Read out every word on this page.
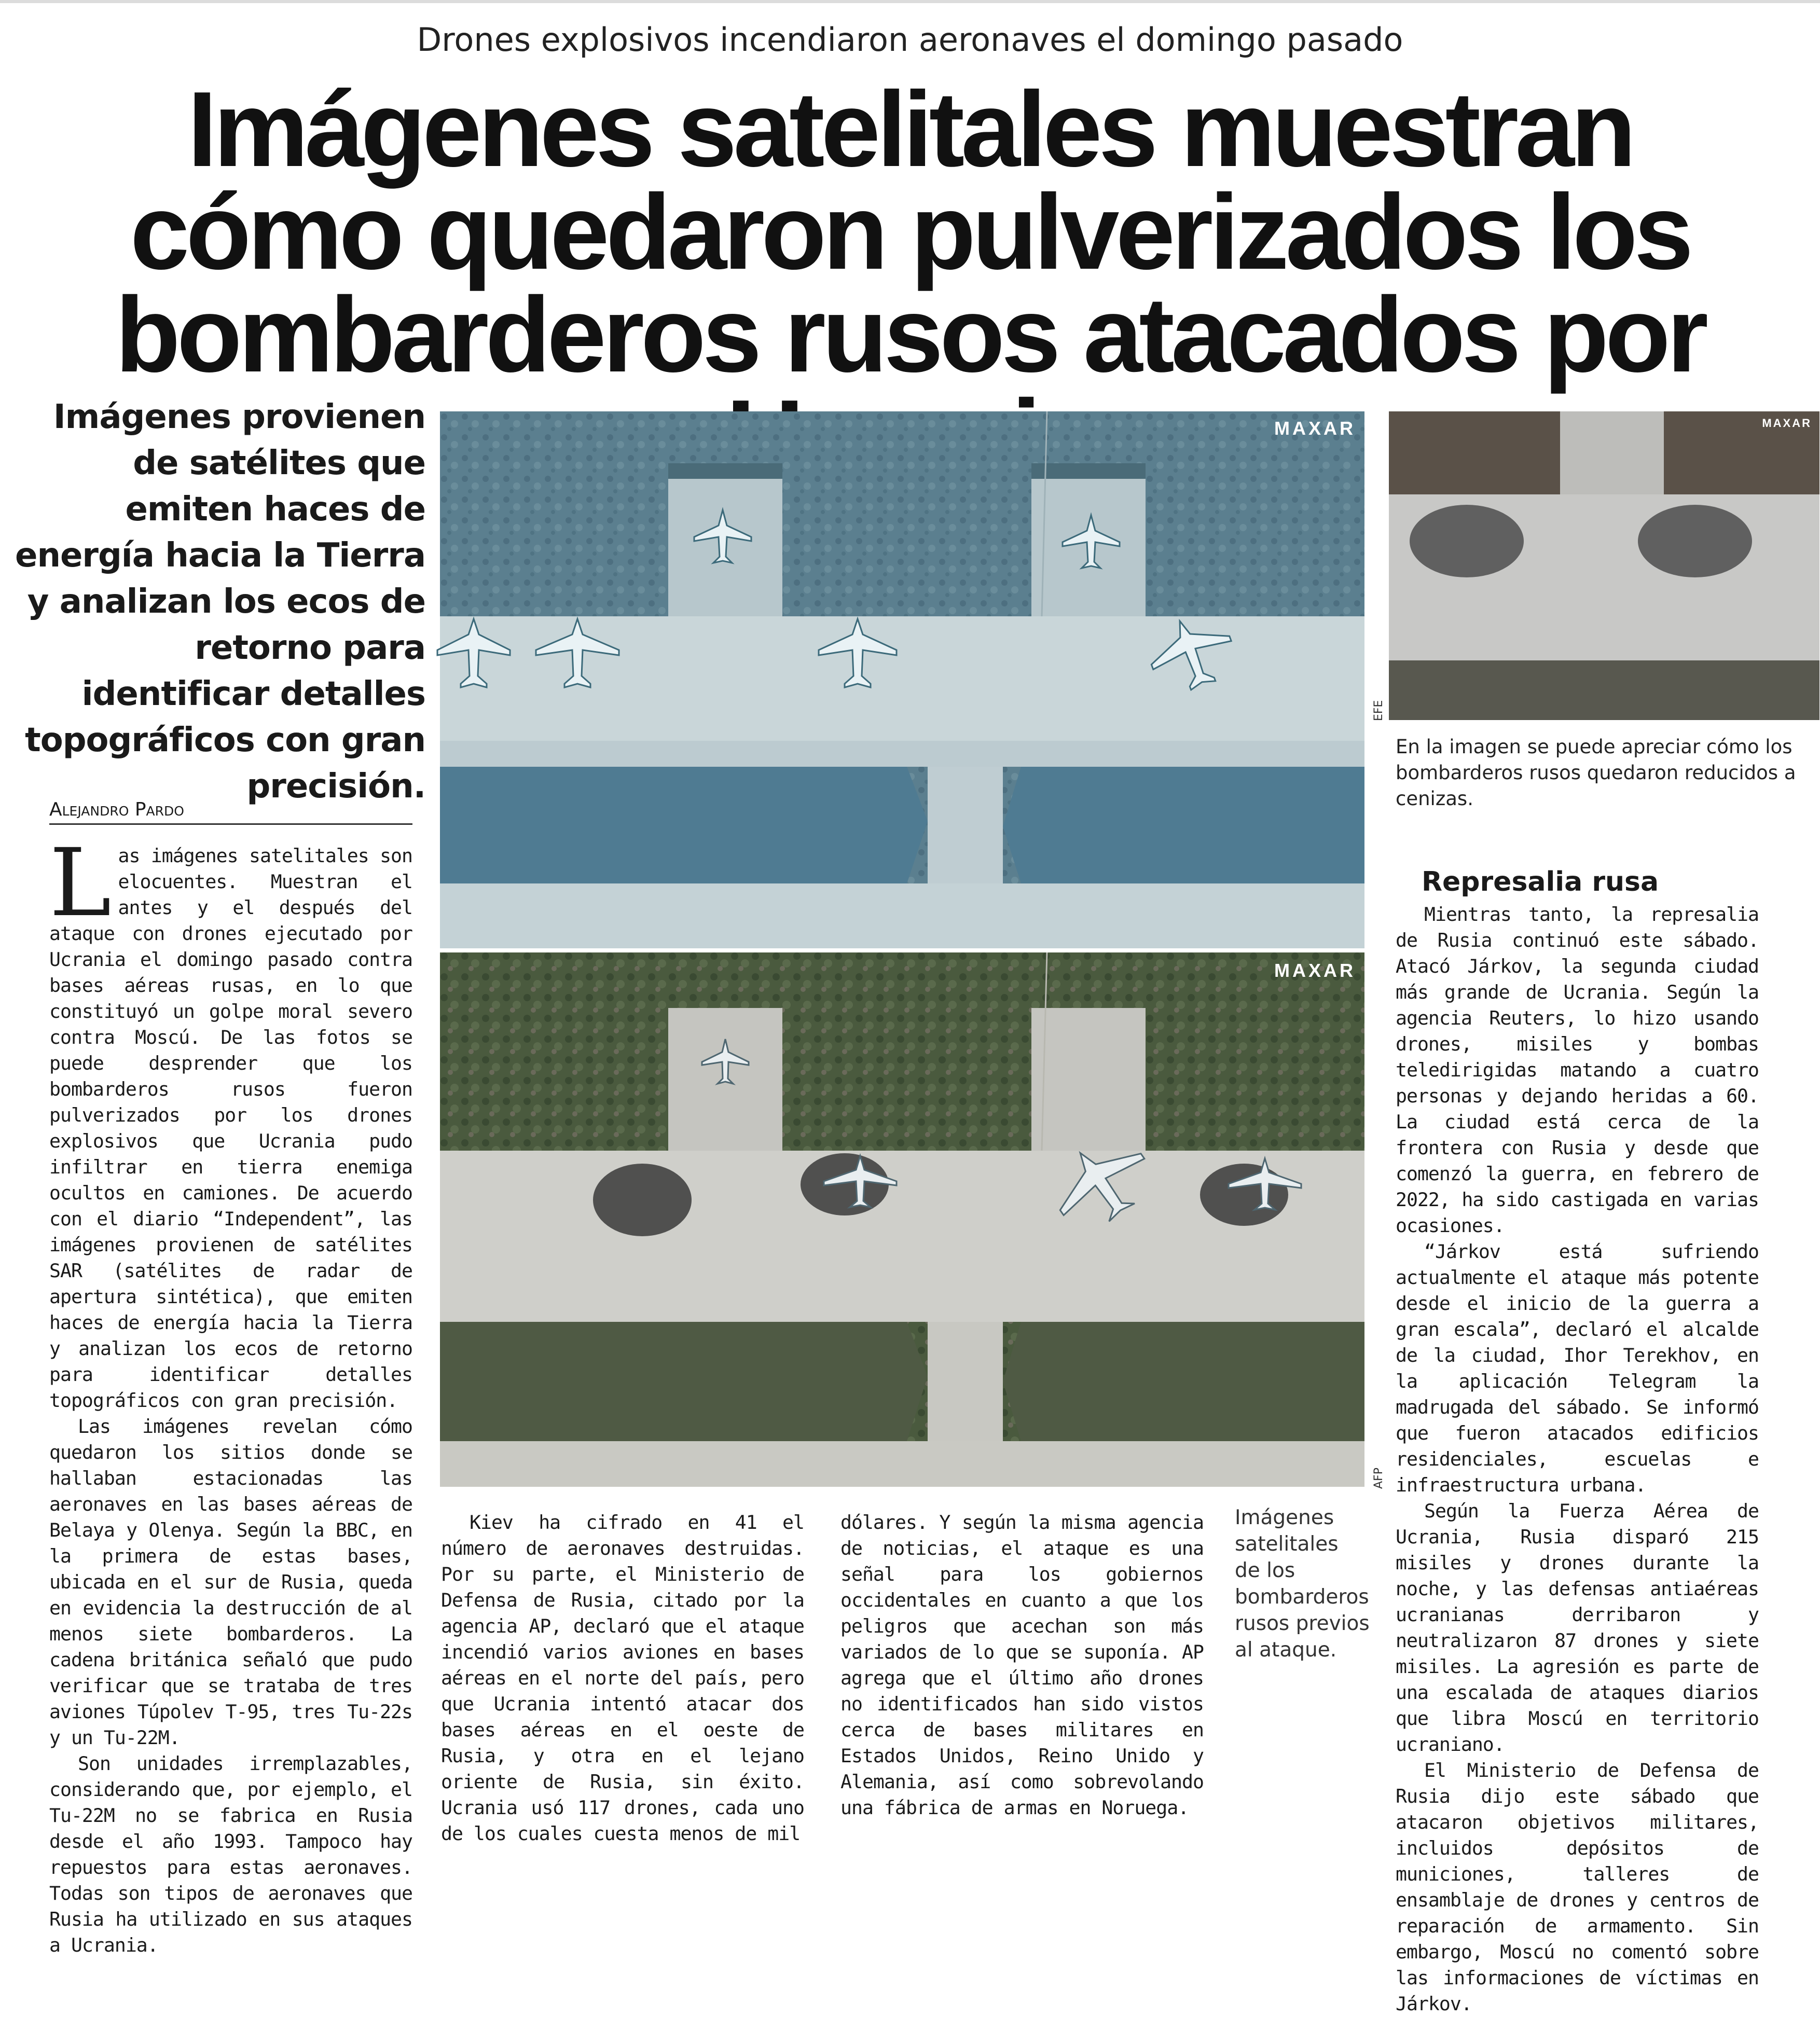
Drones explosivos incendiaron aeronaves el domingo pasado
Imágenes satelitales muestran cómo quedaron pulverizados los bombarderos rusos atacados por
Imágenes provienen de satélites que emiten haces de energía hacia la Tierra y analizan los ecos de retorno para identificar detalles topográficos con gran precisión.
Alejandro Pardo
MAXAR
MAXAR
AFP
MAXAR
EFE
En la imagen se puede apreciar cómo los bombarderos rusos quedaron reducidos a cenizas.
Imágenes satelitales de los bombarderos rusos previos al ataque.

Las imágenes satelitales son elocuentes. Muestran el antes y el después del ataque con drones ejecutado por Ucrania el domingo pasado contra bases aéreas rusas, en lo que constituyó un golpe moral severo contra Moscú. De las fotos se puede desprender que los bombarderos rusos fueron pulverizados por los drones explosivos que Ucrania pudo infiltrar en tierra enemiga ocultos en camiones. De acuerdo con el diario “Independent”, las imágenes provienen de satélites SAR (satélites de radar de apertura sintética), que emiten haces de energía hacia la Tierra y analizan los ecos de retorno para identificar detalles topográficos con gran precisión.

Las imágenes revelan cómo quedaron los sitios donde se hallaban estacionadas las aeronaves en las bases aéreas de Belaya y Olenya. Según la BBC, en la primera de estas bases, ubicada en el sur de Rusia, queda en evidencia la destrucción de al menos siete bombarderos. La cadena británica señaló que pudo verificar que se trataba de tres aviones Túpolev T-95, tres Tu-22s y un Tu-22M.

Son unidades irremplazables, considerando que, por ejemplo, el Tu-22M no se fabrica en Rusia desde el año 1993. Tampoco hay repuestos para estas aeronaves. Todas son tipos de aeronaves que Rusia ha utilizado en sus ataques a Ucrania.

Kiev ha cifrado en 41 el número de aeronaves destruidas. Por su parte, el Ministerio de Defensa de Rusia, citado por la agencia AP, declaró que el ataque incendió varios aviones en bases aéreas en el norte del país, pero que Ucrania intentó atacar dos bases aéreas en el oeste de Rusia, y otra en el lejano oriente de Rusia, sin éxito. Ucrania usó 117 drones, cada uno de los cuales cuesta menos de mil

dólares. Y según la misma agencia de noticias, el ataque es una señal para los gobiernos occidentales en cuanto a que los peligros que acechan son más variados de lo que se suponía. AP agrega que el último año drones no identificados han sido vistos cerca de bases militares en Estados Unidos, Reino Unido y Alemania, así como sobrevolando una fábrica de armas en Noruega.

Represalia rusa

Mientras tanto, la represalia de Rusia continuó este sábado. Atacó Járkov, la segunda ciudad más grande de Ucrania. Según la agencia Reuters, lo hizo usando drones, misiles y bombas teledirigidas matando a cuatro personas y dejando heridas a 60. La ciudad está cerca de la frontera con Rusia y desde que comenzó la guerra, en febrero de 2022, ha sido castigada en varias ocasiones.

“Járkov está sufriendo actualmente el ataque más potente desde el inicio de la guerra a gran escala”, declaró el alcalde de la ciudad, Ihor Terekhov, en la aplicación Telegram la madrugada del sábado. Se informó que fueron atacados edificios residenciales, escuelas e infraestructura urbana.

Según la Fuerza Aérea de Ucrania, Rusia disparó 215 misiles y drones durante la noche, y las defensas antiaéreas ucranianas derribaron y neutralizaron 87 drones y siete misiles. La agresión es parte de una escalada de ataques diarios que libra Moscú en territorio ucraniano.

El Ministerio de Defensa de Rusia dijo este sábado que atacaron objetivos militares, incluidos depósitos de municiones, talleres de ensamblaje de drones y centros de reparación de armamento. Sin embargo, Moscú no comentó sobre las informaciones de víctimas en Járkov.
